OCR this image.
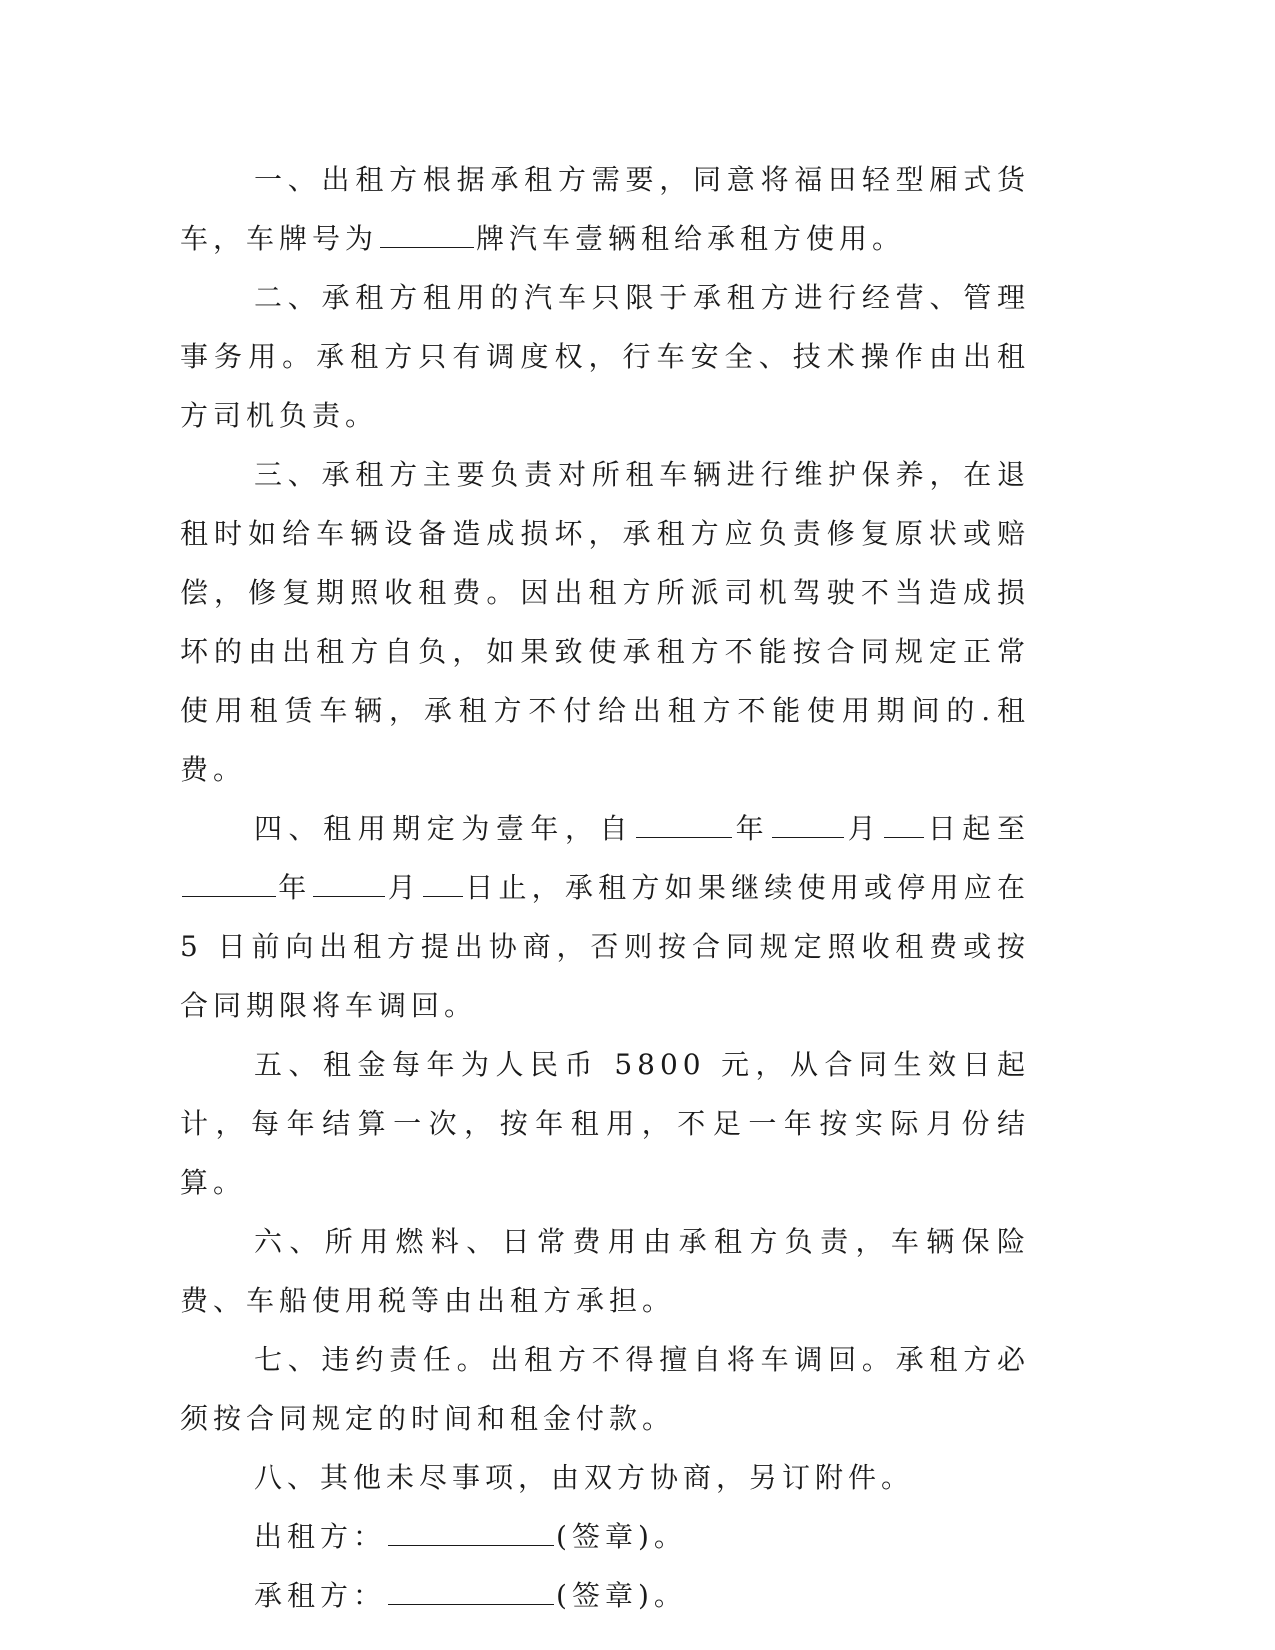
一、出租方根据承租方需要，同意将福田轻型厢式货车，车牌号为	牌汽车壹辆租给承租方使用。

二、承租方租用的汽车只限于承租方进行经营、管理事务用。承租方只有调度权，行车安全、技术操作由出租方司机负责。

三、承租方主要负责对所租车辆进行维护保养，在退租时如给车辆设备造成损坏，承租方应负责修复原状或赔偿，修复期照收租费。因出租方所派司机驾驶不当造成损坏的由出租方自负，如果致使承租方不能按合同规定正常使用租赁车辆，承租方不付给出租方不能使用期间的.租费。

四、租用期定为壹年，自	年	月 日起至年	月 日止，承租方如果继续使用或停用应在 5 日前向出租方提出协商，否则按合同规定照收租费或按合同期限将车调回。

五、租金每年为人民币 5800 元，从合同生效日起计，每年结算一次，按年租用，不足一年按实际月份结算。

六、所用燃料、日常费用由承租方负责，车辆保险费、车船使用税等由出租方承担。

七、违约责任。出租方不得擅自将车调回。承租方必须按合同规定的时间和租金付款。

八、其他未尽事项，由双方协商，另订附件。

出租方：	(签章)。

承租方：	(签章)。
